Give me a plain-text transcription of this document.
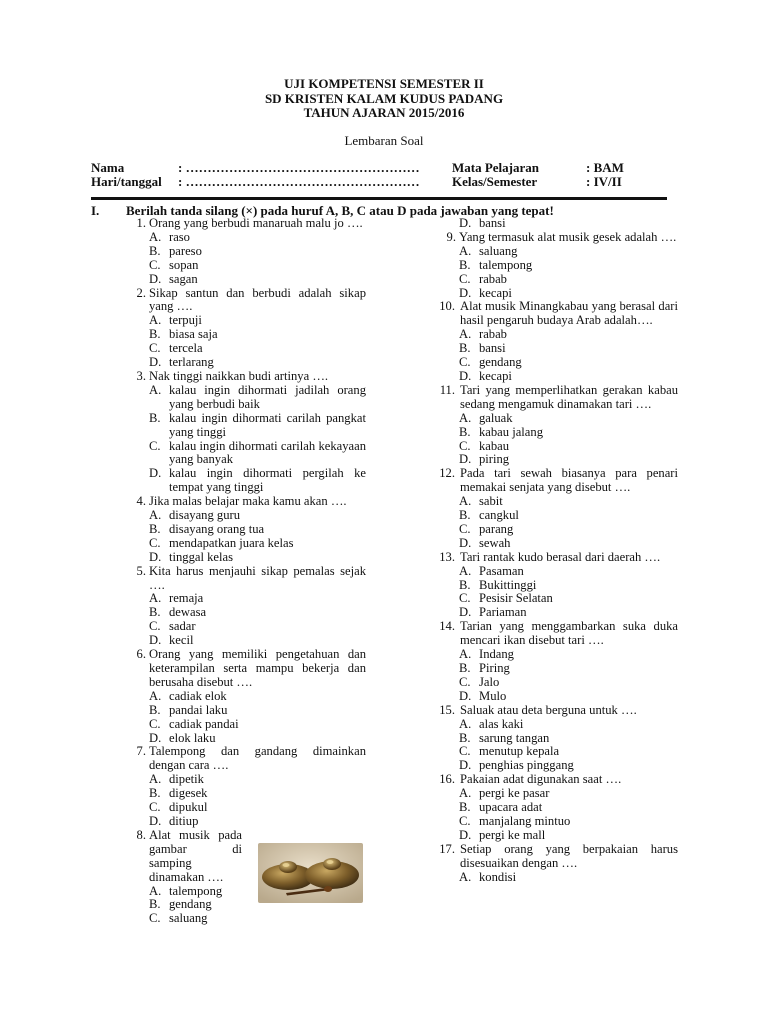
UJI KOMPETENSI SEMESTER II
SD KRISTEN KALAM KUDUS PADANG
TAHUN AJARAN 2015/2016
Lembaran Soal
Nama	: ………………………………………………
Hari/tanggal : ………………………………………………
Mata Pelajaran	: BAM
Kelas/Semester	: IV/II
I. Berilah tanda silang (×) pada huruf A, B, C atau D pada jawaban yang tepat!
1. Orang yang berbudi manaruah malu jo ….
A. raso
B. pareso
C. sopan
D. sagan
2. Sikap santun dan berbudi adalah sikap yang ….
A. terpuji
B. biasa saja
C. tercela
D. terlarang
3. Nak tinggi naikkan budi artinya ….
A. kalau ingin dihormati jadilah orang yang berbudi baik
B. kalau ingin dihormati carilah pangkat yang tinggi
C. kalau ingin dihormati carilah kekayaan yang banyak
D. kalau ingin dihormati pergilah ke tempat yang tinggi
4. Jika malas belajar maka kamu akan ….
A. disayang guru
B. disayang orang tua
C. mendapatkan juara kelas
D. tinggal kelas
5. Kita harus menjauhi sikap pemalas sejak ….
A. remaja
B. dewasa
C. sadar
D. kecil
6. Orang yang memiliki pengetahuan dan keterampilan serta mampu bekerja dan berusaha disebut ….
A. cadiak elok
B. pandai laku
C. cadiak pandai
D. elok laku
7. Talempong dan gandang dimainkan dengan cara ….
A. dipetik
B. digesek
C. dipukul
D. ditiup
8. Alat musik pada gambar di samping dinamakan ….
A. talempong
B. gendang
C. saluang
D. bansi
9. Yang termasuk alat musik gesek adalah ….
A. saluang
B. talempong
C. rabab
D. kecapi
10. Alat musik Minangkabau yang berasal dari hasil pengaruh budaya Arab adalah….
A. rabab
B. bansi
C. gendang
D. kecapi
11. Tari yang memperlihatkan gerakan kabau sedang mengamuk dinamakan tari ….
A. galuak
B. kabau jalang
C. kabau
D. piring
12. Pada tari sewah biasanya para penari memakai senjata yang disebut ….
A. sabit
B. cangkul
C. parang
D. sewah
13. Tari rantak kudo berasal dari daerah ….
A. Pasaman
B. Bukittinggi
C. Pesisir Selatan
D. Pariaman
14. Tarian yang menggambarkan suka duka mencari ikan disebut tari ….
A. Indang
B. Piring
C. Jalo
D. Mulo
15. Saluak atau deta berguna untuk ….
A. alas kaki
B. sarung tangan
C. menutup kepala
D. penghias pinggang
16. Pakaian adat digunakan saat ….
A. pergi ke pasar
B. upacara adat
C. manjalang mintuo
D. pergi ke mall
17. Setiap orang yang berpakaian harus disesuaikan dengan ….
A. kondisi
